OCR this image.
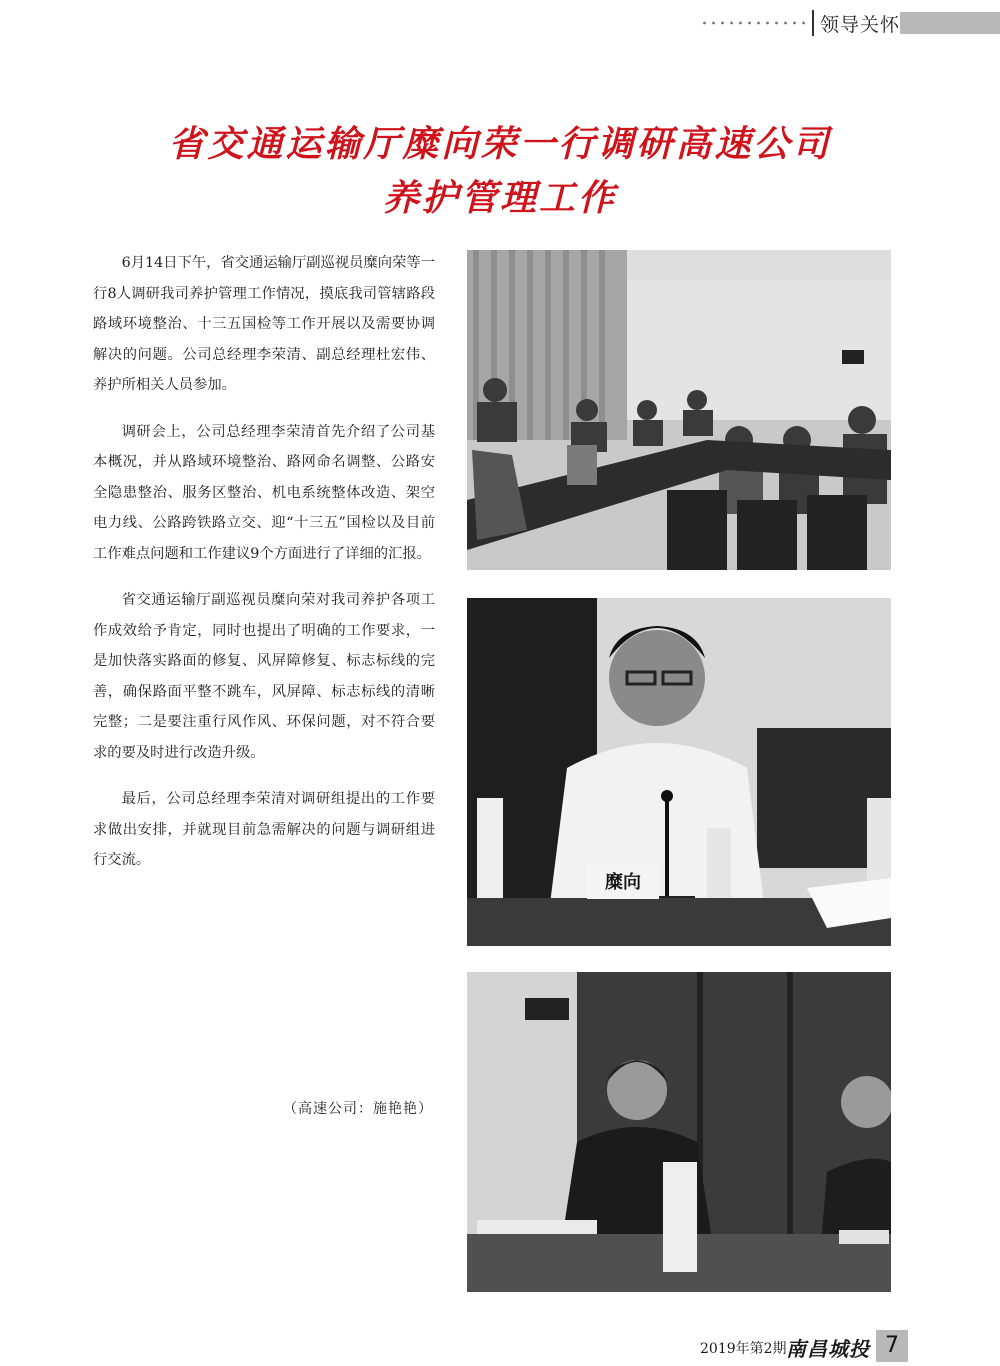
领导关怀
省交通运输厅糜向荣一行调研高速公司
养护管理工作

6月14日下午，省交通运输厅副巡视员糜向荣等一行8人调研我司养护管理工作情况，摸底我司管辖路段路域环境整治、十三五国检等工作开展以及需要协调解决的问题。公司总经理李荣清、副总经理杜宏伟、养护所相关人员参加。

调研会上，公司总经理李荣清首先介绍了公司基本概况，并从路域环境整治、路网命名调整、公路安全隐患整治、服务区整治、机电系统整体改造、架空电力线、公路跨铁路立交、迎“十三五”国检以及目前工作难点问题和工作建议9个方面进行了详细的汇报。

省交通运输厅副巡视员糜向荣对我司养护各项工作成效给予肯定，同时也提出了明确的工作要求，一是加快落实路面的修复、风屏障修复、标志标线的完善，确保路面平整不跳车，风屏障、标志标线的清晰完整；二是要注重行风作风、环保问题，对不符合要求的要及时进行改造升级。

最后，公司总经理李荣清对调研组提出的工作要求做出安排，并就现目前急需解决的问题与调研组进行交流。

（高速公司：施艳艳）
糜向
2019年第2期 南昌城投 7
